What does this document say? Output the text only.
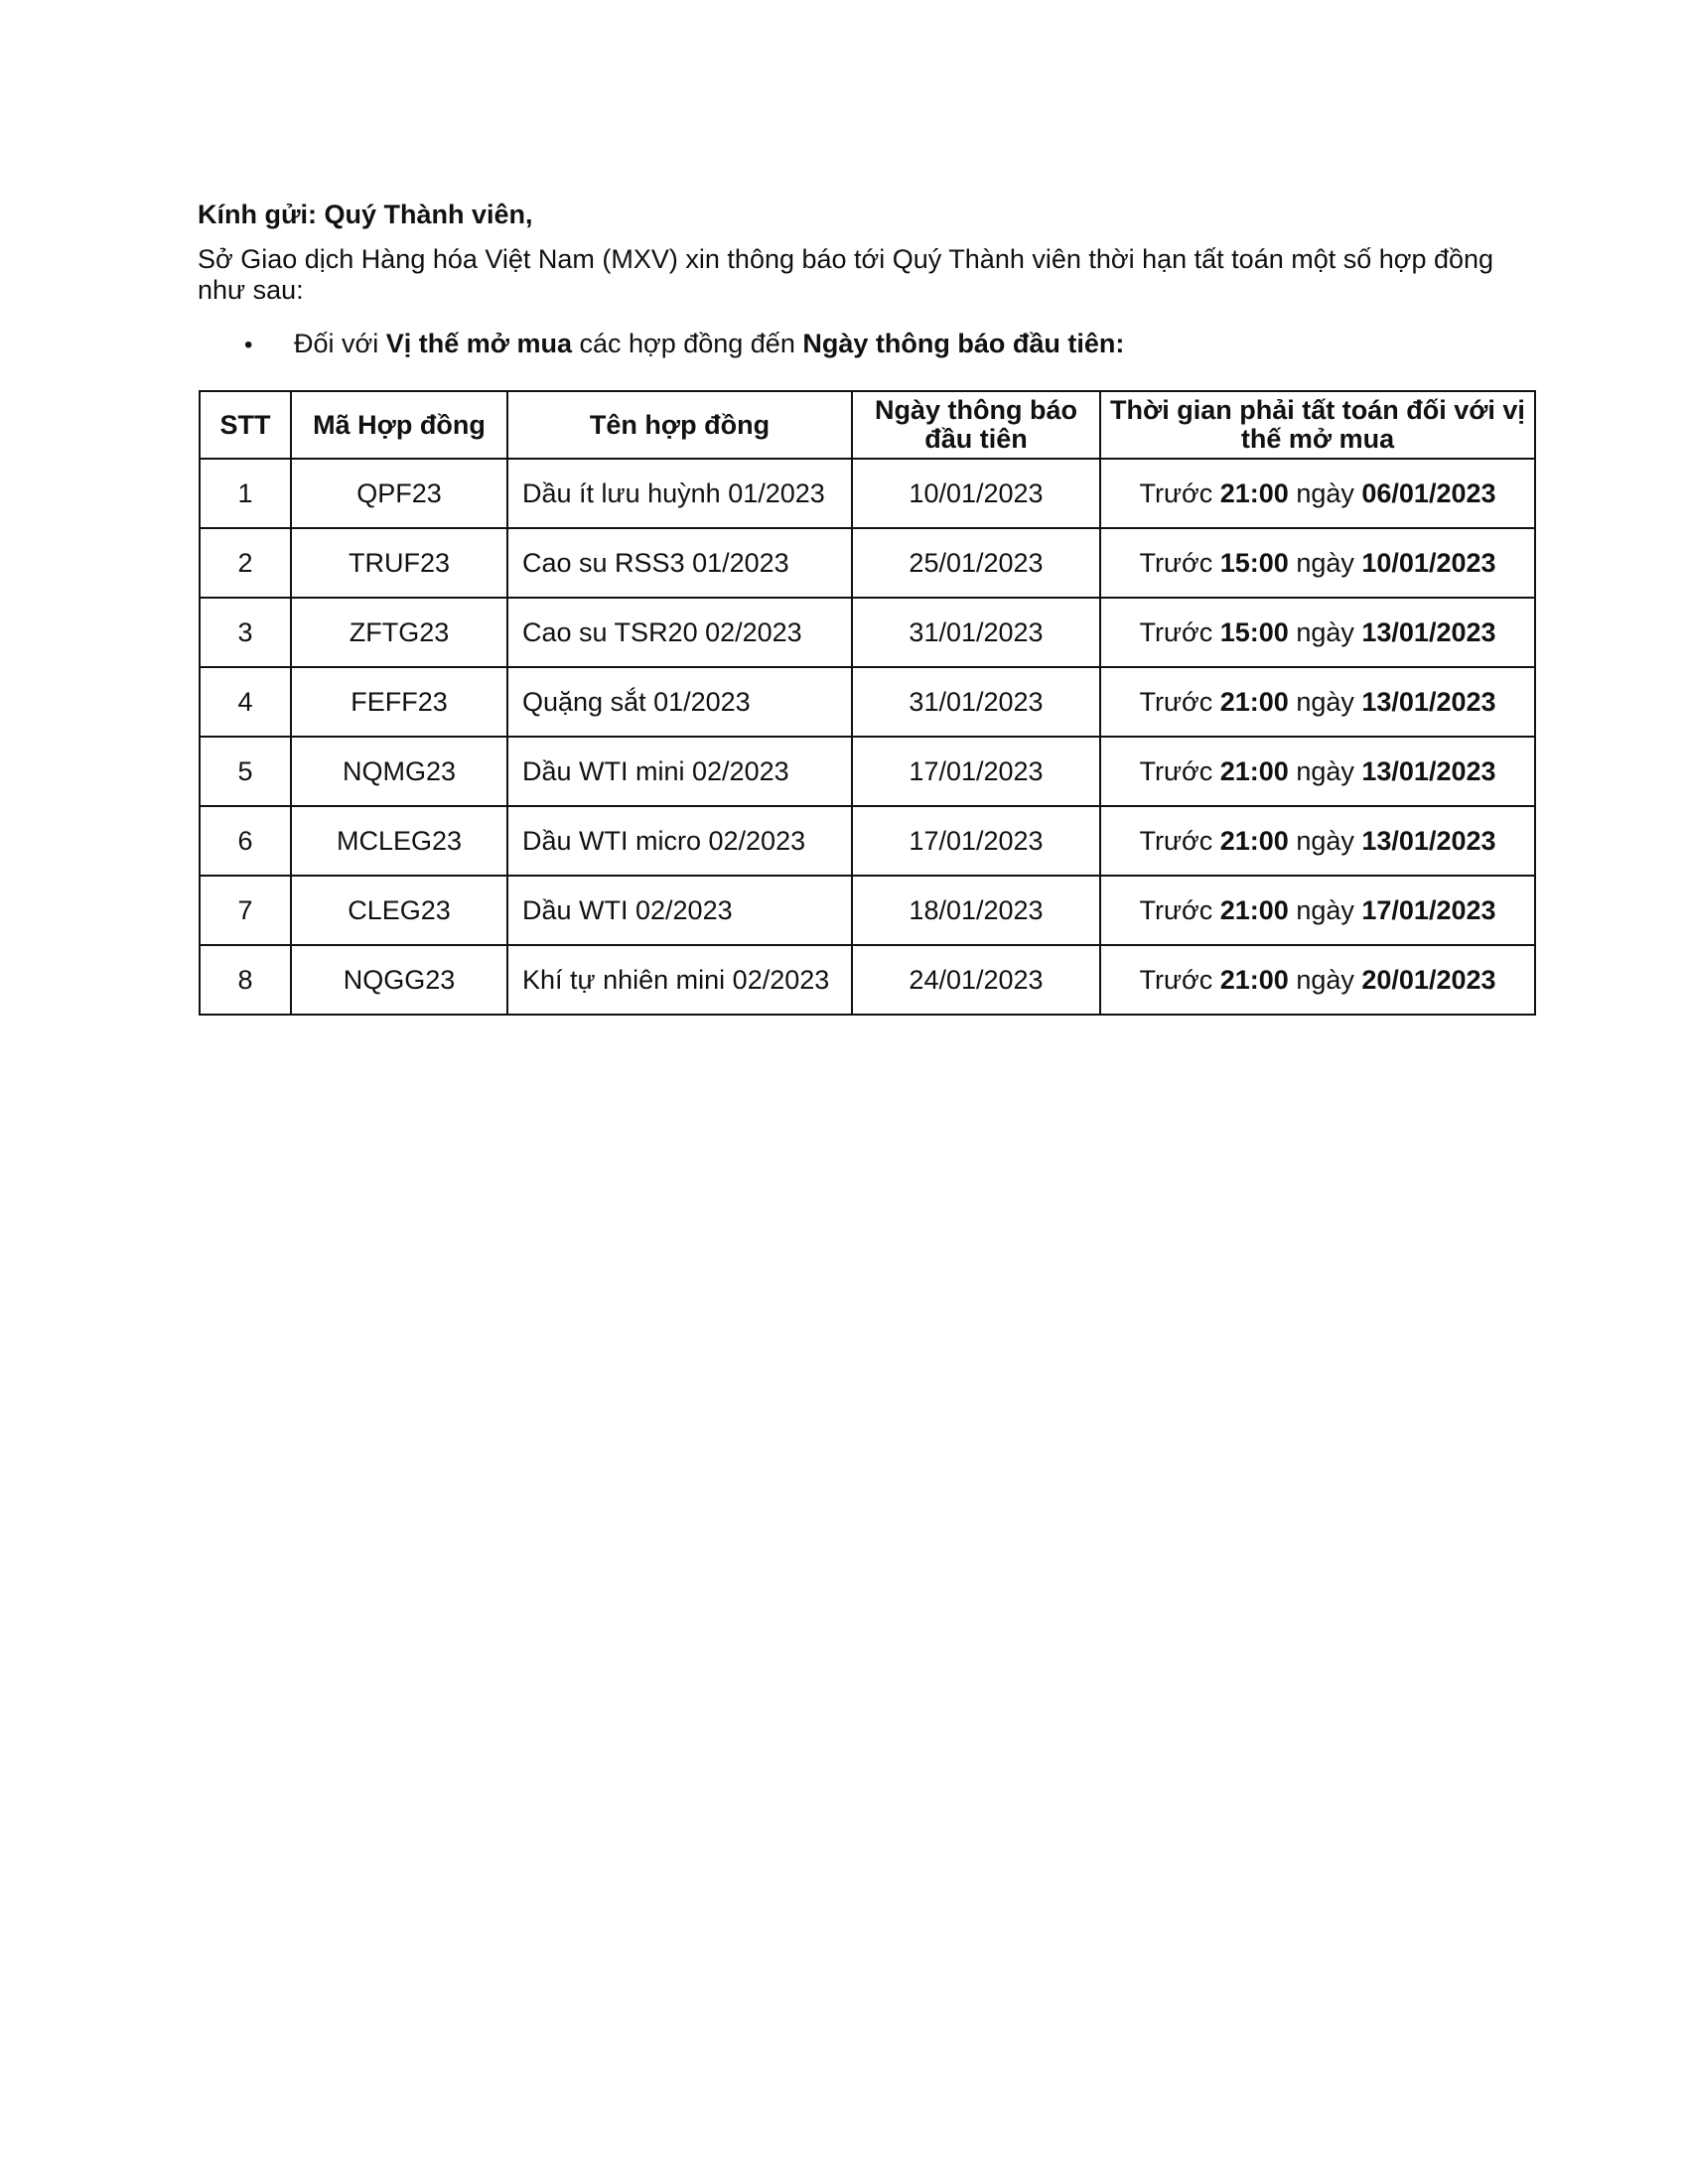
Kính gửi: Quý Thành viên,
Sở Giao dịch Hàng hóa Việt Nam (MXV) xin thông báo tới Quý Thành viên thời hạn tất toán một số hợp đồng như sau:
• Đối với Vị thế mở mua các hợp đồng đến Ngày thông báo đầu tiên:
STT	Mã Hợp đồng	Tên hợp đồng	Ngày thông báo đầu tiên	Thời gian phải tất toán đối với vị thế mở mua
1	QPF23	Dầu ít lưu huỳnh 01/2023	10/01/2023	Trước 21:00 ngày 06/01/2023
2	TRUF23	Cao su RSS3 01/2023	25/01/2023	Trước 15:00 ngày 10/01/2023
3	ZFTG23	Cao su TSR20 02/2023	31/01/2023	Trước 15:00 ngày 13/01/2023
4	FEFF23	Quặng sắt 01/2023	31/01/2023	Trước 21:00 ngày 13/01/2023
5	NQMG23	Dầu WTI mini 02/2023	17/01/2023	Trước 21:00 ngày 13/01/2023
6	MCLEG23	Dầu WTI micro 02/2023	17/01/2023	Trước 21:00 ngày 13/01/2023
7	CLEG23	Dầu WTI 02/2023	18/01/2023	Trước 21:00 ngày 17/01/2023
8	NQGG23	Khí tự nhiên mini 02/2023	24/01/2023	Trước 21:00 ngày 20/01/2023
